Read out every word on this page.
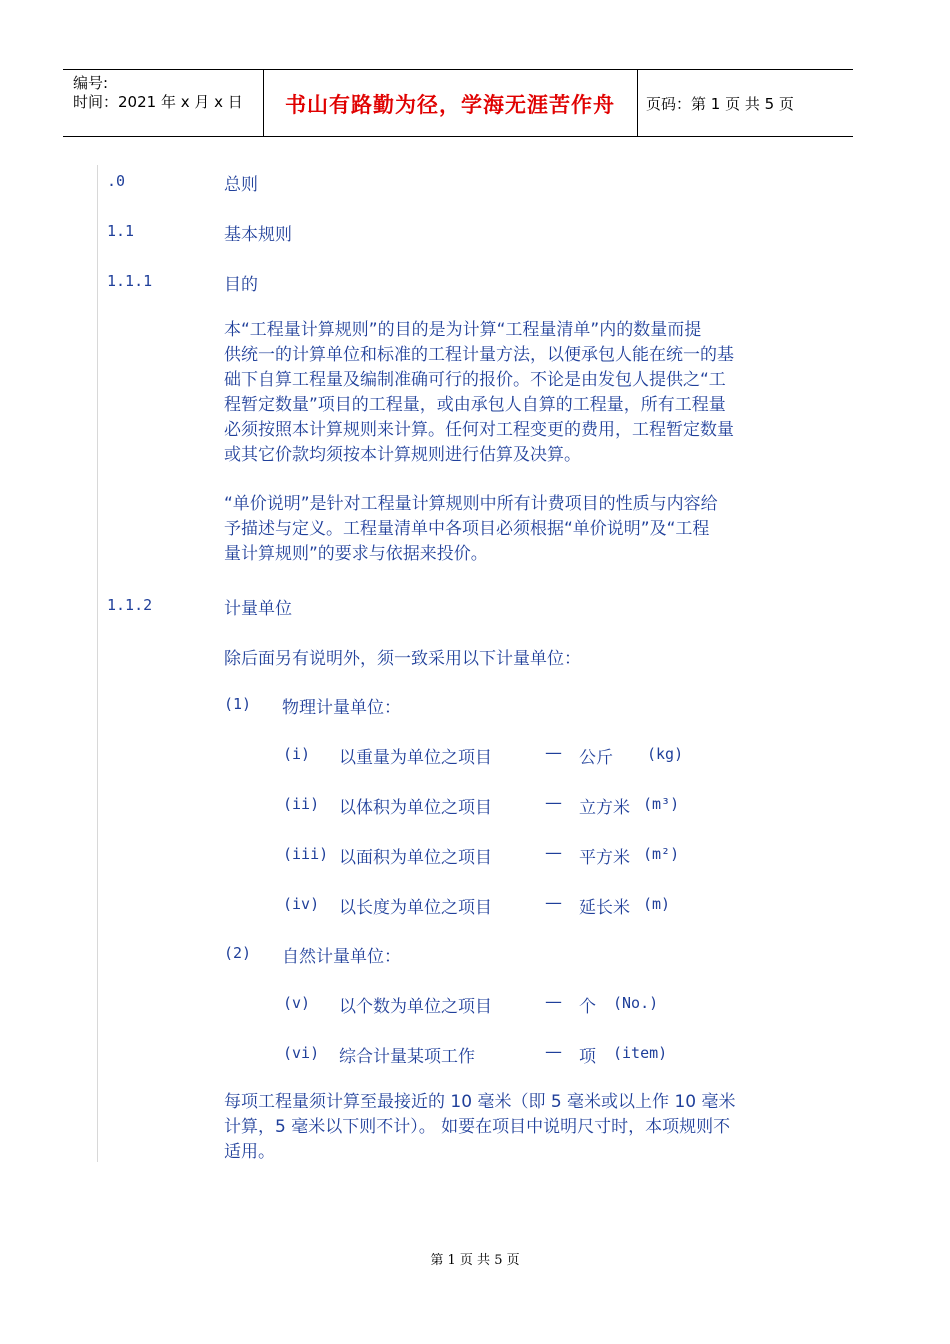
编号:
时间：2021 年 x 月 x 日 书山有路勤为径，学海无涯苦作舟 页码：第 1 页 共 5 页
.0	总则
1.1	基本规则
1.1.1	目的
本“工程量计算规则”的目的是为计算“工程量清单”内的数量而提
供统一的计算单位和标准的工程计量方法，以便承包人能在统一的基
础下自算工程量及编制准确可行的报价。不论是由发包人提供之“工
程暂定数量”项目的工程量，或由承包人自算的工程量，所有工程量
必须按照本计算规则来计算。任何对工程变更的费用，工程暂定数量
或其它价款均须按本计算规则进行估算及决算。
“单价说明”是针对工程量计算规则中所有计费项目的性质与内容给
予描述与定义。工程量清单中各项目必须根据“单价说明”及“工程
量计算规则”的要求与依据来投价。
1.1.2	计量单位
除后面另有说明外，须一致采用以下计量单位：
(1) 物理计量单位：
(i) 以重量为单位之项目	— 公斤 (kg)
(ii) 以体积为单位之项目	— 立方米 (m³)
(iii) 以面积为单位之项目	— 平方米 (m²)
(iv) 以长度为单位之项目	— 延长米 (m)
(2) 自然计量单位：
(v) 以个数为单位之项目	— 个 (No.)
(vi) 综合计量某项工作	— 项 (item)
每项工程量须计算至最接近的 10 毫米（即 5 毫米或以上作 10 毫米
计算，5 毫米以下则不计）。 如要在项目中说明尺寸时，本项规则不
适用。
第 1 页 共 5 页
